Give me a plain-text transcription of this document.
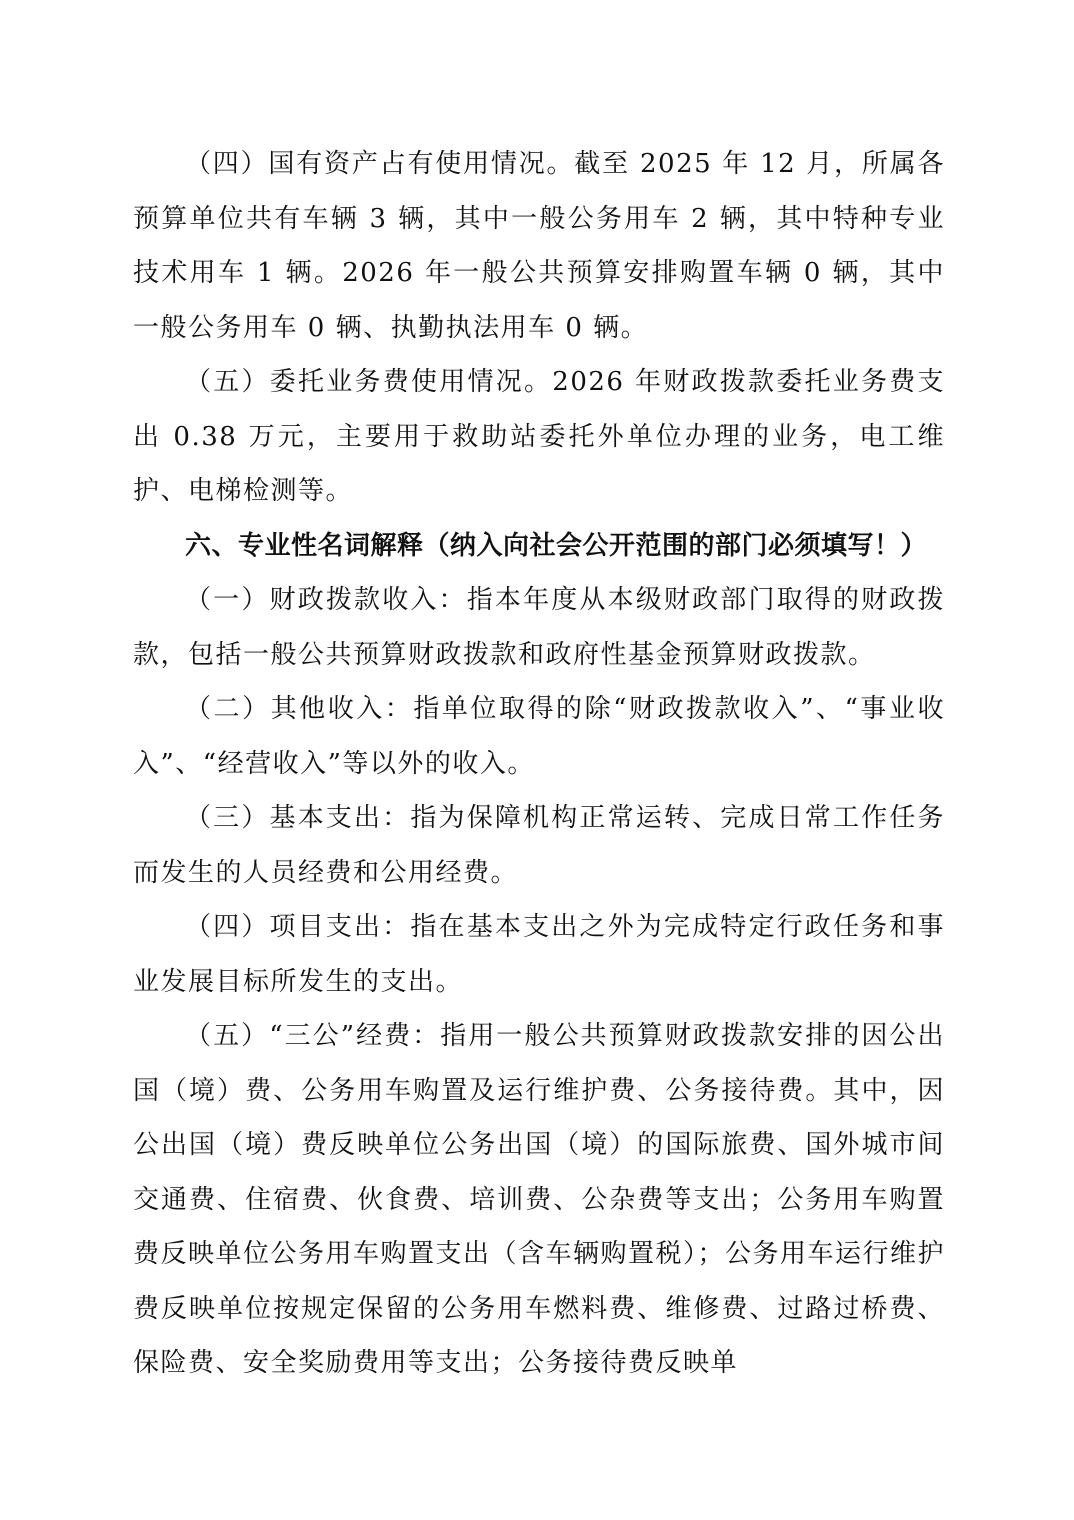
（四）国有资产占有使用情况。截至 2025 年 12 月，所属各预算单位共有车辆 3 辆，其中一般公务用车 2 辆，其中特种专业技术用车 1 辆。2026 年一般公共预算安排购置车辆 0 辆，其中一般公务用车 0 辆、执勤执法用车 0 辆。

（五）委托业务费使用情况。2026 年财政拨款委托业务费支出 0.38 万元，主要用于救助站委托外单位办理的业务，电工维护、电梯检测等。

六、专业性名词解释（纳入向社会公开范围的部门必须填写！）

（一）财政拨款收入：指本年度从本级财政部门取得的财政拨款，包括一般公共预算财政拨款和政府性基金预算财政拨款。

（二）其他收入：指单位取得的除“财政拨款收入”、“事业收入”、“经营收入”等以外的收入。

（三）基本支出：指为保障机构正常运转、完成日常工作任务而发生的人员经费和公用经费。

（四）项目支出：指在基本支出之外为完成特定行政任务和事业发展目标所发生的支出。

（五）“三公”经费：指用一般公共预算财政拨款安排的因公出国（境）费、公务用车购置及运行维护费、公务接待费。其中，因公出国（境）费反映单位公务出国（境）的国际旅费、国外城市间交通费、住宿费、伙食费、培训费、公杂费等支出；公务用车购置费反映单位公务用车购置支出（含车辆购置税）；公务用车运行维护费反映单位按规定保留的公务用车燃料费、维修费、过路过桥费、保险费、安全奖励费用等支出；公务接待费反映单
